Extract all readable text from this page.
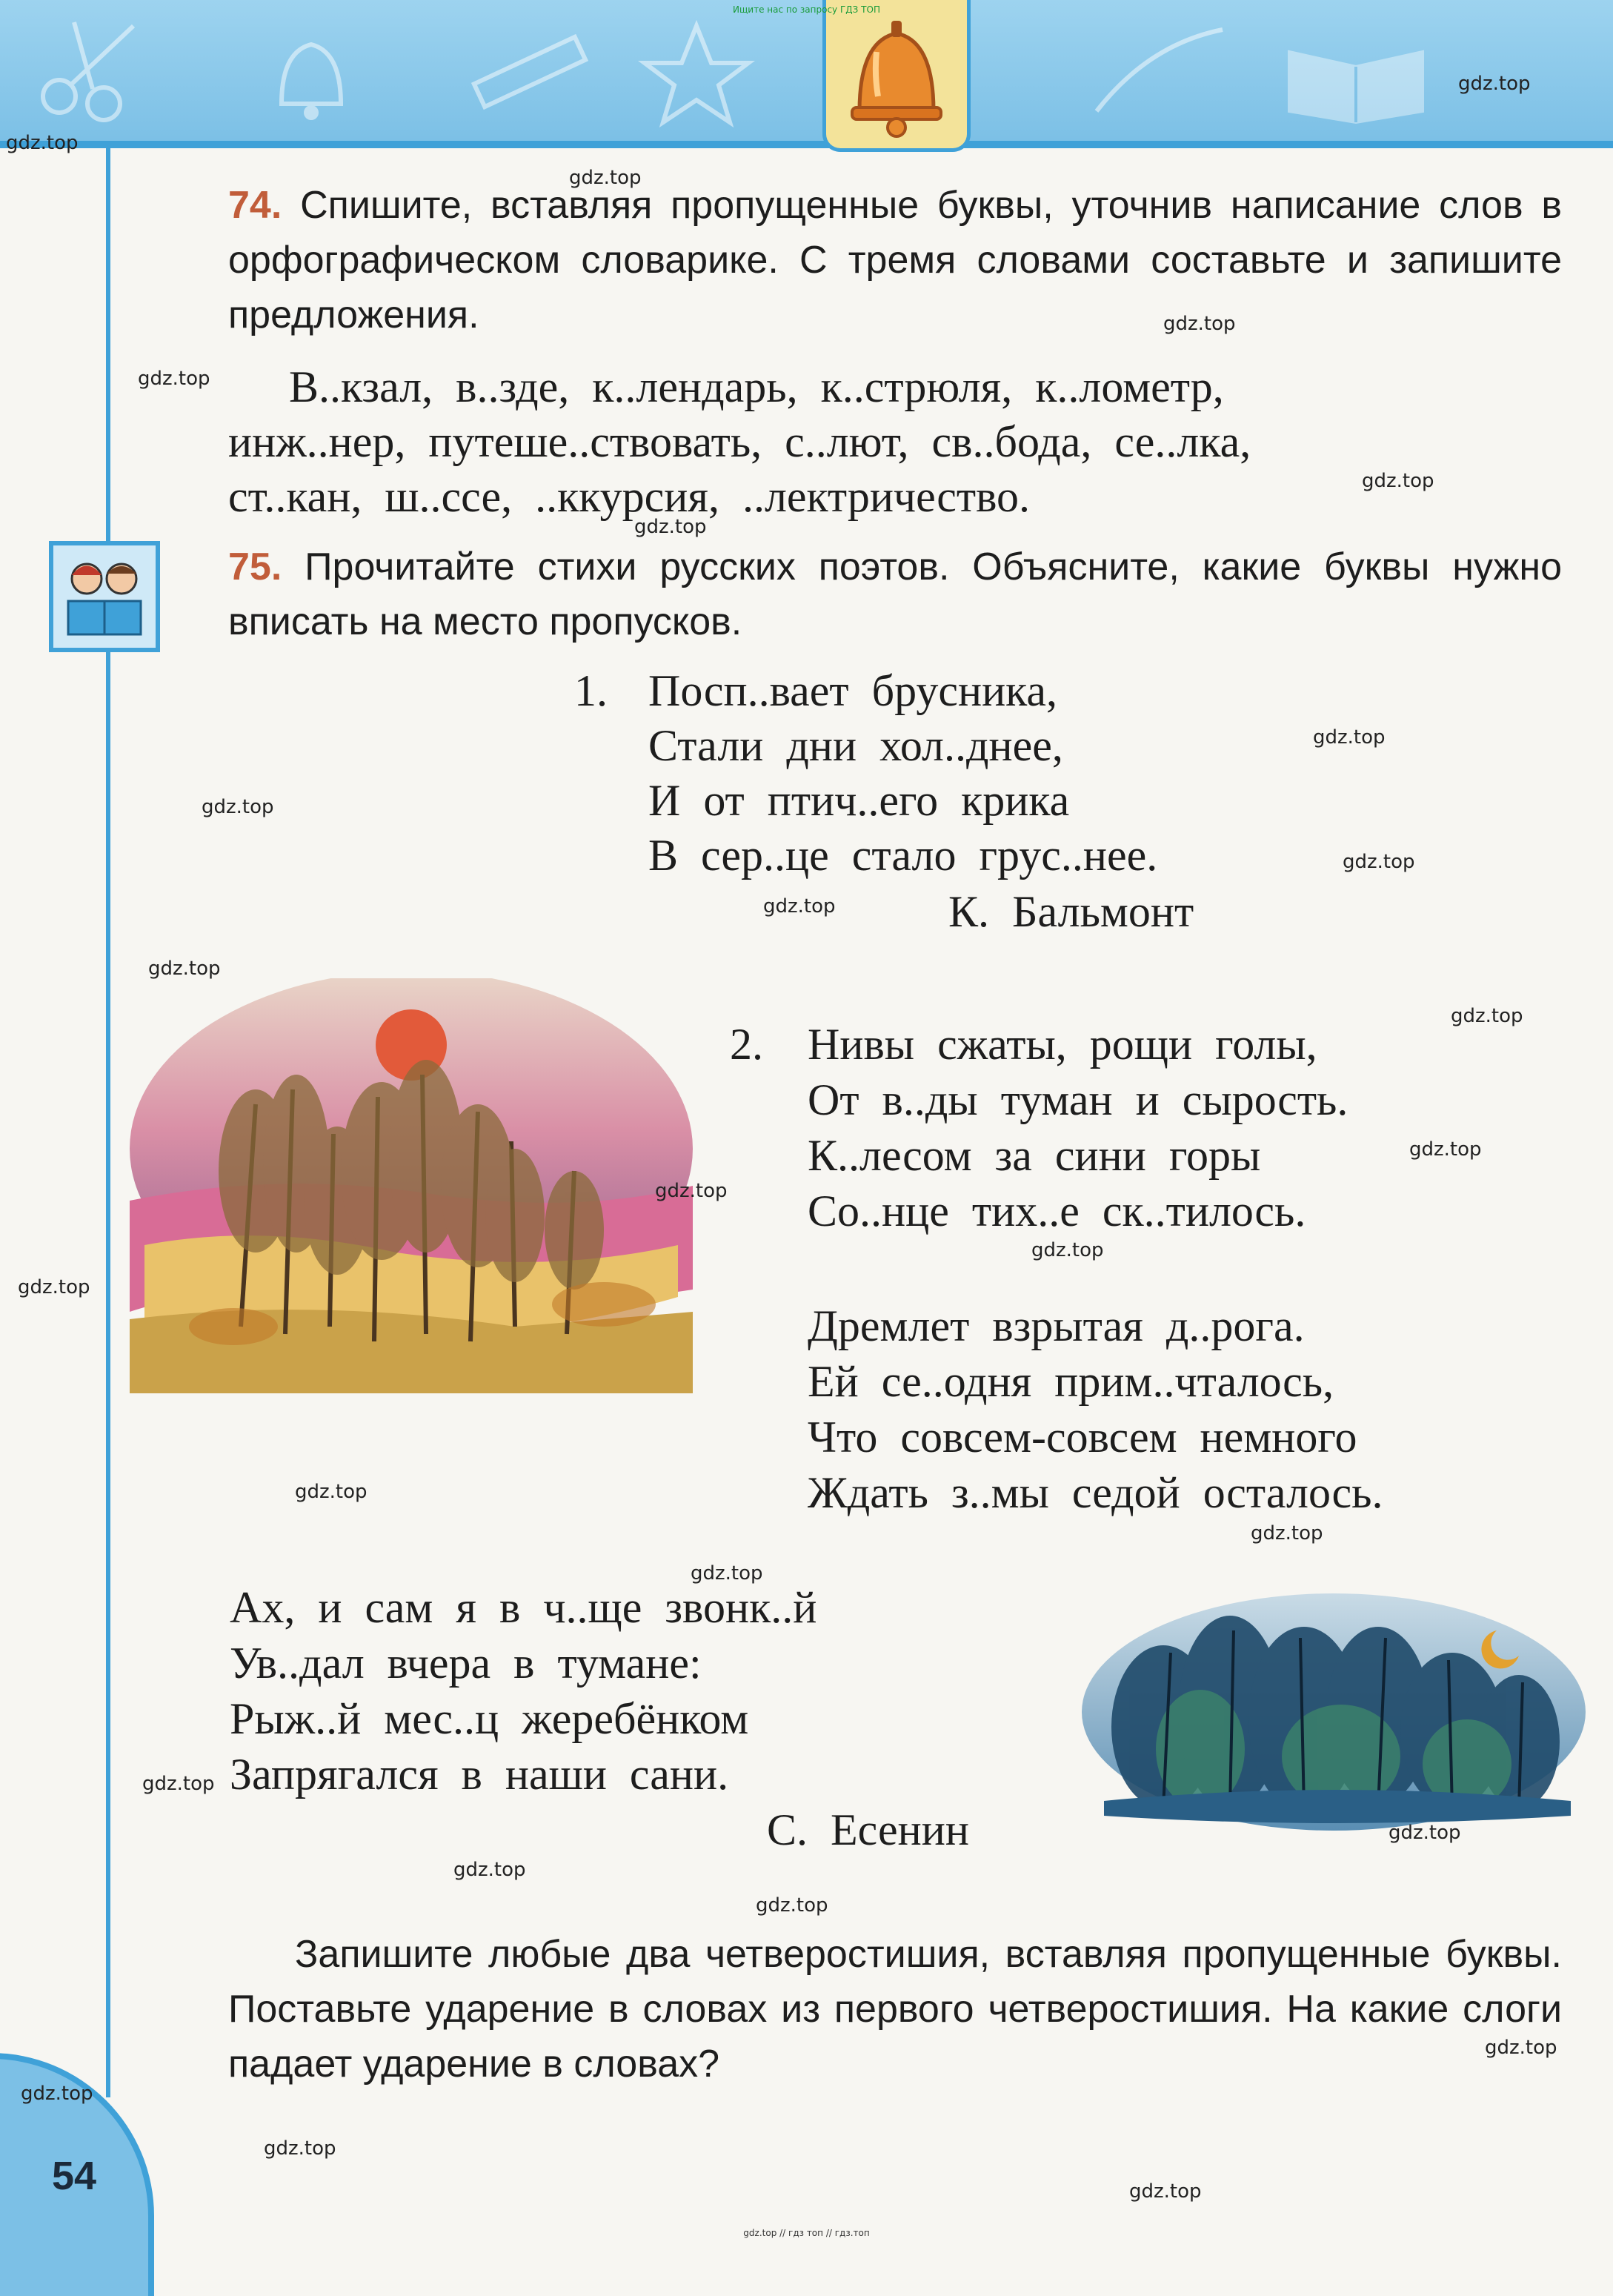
Ищите нас по запросу ГДЗ ТОП
54
74. Спишите, вставляя пропущенные буквы, уточнив написание слов в орфографическом словарике. С тремя словами составьте и запишите предложения.
В..кзал, в..зде, к..лендарь, к..стрюля, к..лометр,
инж..нер, путеше..ствовать, с..лют, св..бода, се..лка,
ст..кан, ш..ссе, ..ккурсия, ..лектричество.
75. Прочитайте стихи русских поэтов. Объясните, какие буквы нужно вписать на место пропусков.
1. Посп..вает брусника,
Стали дни хол..днее,
И от птич..его крика
В сер..це стало грус..нее.
К. Бальмонт
2. Нивы сжаты, рощи голы,
От в..ды туман и сырость.
К..лесом за сини горы
Со..нце тих..е ск..тилось.
Дремлет взрытая д..рога.
Ей се..одня прим..чталось,
Что совсем-совсем немного
Ждать з..мы седой осталось.
Ах, и сам я в ч..ще звонк..й
Ув..дал вчера в тумане:
Рыж..й мес..ц жеребёнком
Запрягался в наши сани.
С. Есенин
Запишите любые два четверостишия, вставляя пропущенные буквы. Поставьте ударение в словах из первого четверостишия. На какие слоги падает ударение в словах?
gdz.top
gdz.top
gdz.top
gdz.top
gdz.top
gdz.top
gdz.top
gdz.top
gdz.top
gdz.top
gdz.top
gdz.top
gdz.top
gdz.top
gdz.top
gdz.top
gdz.top
gdz.top
gdz.top
gdz.top
gdz.top
gdz.top
gdz.top
gdz.top
gdz.top
gdz.top
gdz.top
gdz.top
gdz.top // гдз топ // гдз.топ
